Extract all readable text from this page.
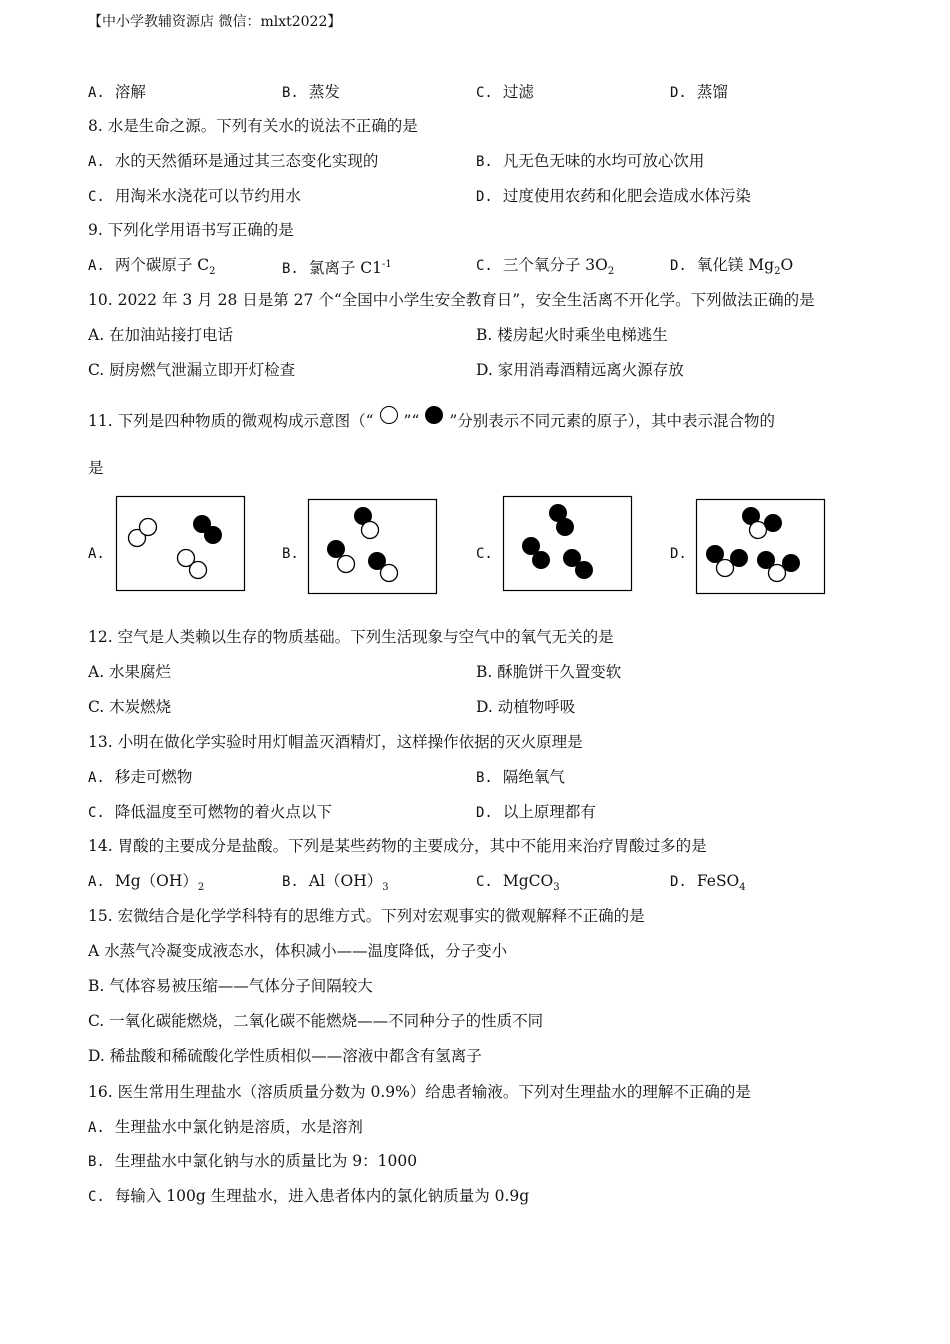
【中小学教辅资源店 微信：mlxt2022】
A. 溶解	B. 蒸发	C. 过滤	D. 蒸馏
8. 水是生命之源。下列有关水的说法不正确的是
A. 水的天然循环是通过其三态变化实现的	B. 凡无色无味的水均可放心饮用
C. 用淘米水浇花可以节约用水	D. 过度使用农药和化肥会造成水体污染
9. 下列化学用语书写正确的是
A. 两个碳原子 $C_2$	B. 氯离子 $C1^{-1}$	C. 三个氧分子 $3O_2$	D. 氧化镁 $Mg_2O$
10. 2022 年 3 月 28 日是第 27 个“全国中小学生安全教育日”，安全生活离不开化学。下列做法正确的是
A. 在加油站接打电话	B. 楼房起火时乘坐电梯逃生
C. 厨房燃气泄漏立即开灯检查	D. 家用消毒酒精远离火源存放
11. 下列是四种物质的微观构成示意图（“ ”“ ”分别表示不同元素的原子），其中表示混合物的
是
A.	B.	C.	D.
12. 空气是人类赖以生存的物质基础。下列生活现象与空气中的氧气无关的是
A. 水果腐烂	B. 酥脆饼干久置变软
C. 木炭燃烧	D. 动植物呼吸
13. 小明在做化学实验时用灯帽盖灭酒精灯，这样操作依据的灭火原理是
A. 移走可燃物	B. 隔绝氧气
C. 降低温度至可燃物的着火点以下	D. 以上原理都有
14. 胃酸的主要成分是盐酸。下列是某些药物的主要成分，其中不能用来治疗胃酸过多的是
A. $Mg(OH)_2$	B. $Al(OH)_3$	C. MgCO$_3$	D. FeSO$_4$
15. 宏微结合是化学学科特有的思维方式。下列对宏观事实的微观解释不正确的是
A 水蒸气冷凝变成液态水，体积减小——温度降低，分子变小
B. 气体容易被压缩——气体分子间隔较大
C. 一氧化碳能燃烧，二氧化碳不能燃烧——不同种分子的性质不同
D. 稀盐酸和稀硫酸化学性质相似——溶液中都含有氢离子
16. 医生常用生理盐水（溶质质量分数为 0.9%）给患者输液。下列对生理盐水的理解不正确的是
A. 生理盐水中氯化钠是溶质，水是溶剂
B. 生理盐水中氯化钠与水的质量比为 9：1000
C. 每输入 100g 生理盐水，进入患者体内的氯化钠质量为 0.9g
